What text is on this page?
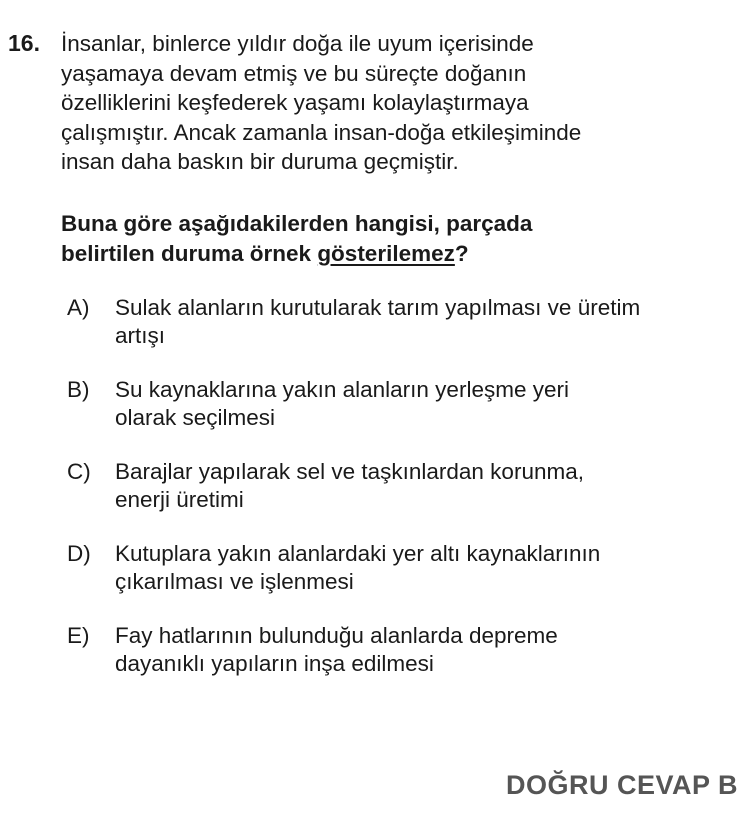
16. İnsanlar, binlerce yıldır doğa ile uyum içerisinde
yaşamaya devam etmiş ve bu süreçte doğanın
özelliklerini keşfederek yaşamı kolaylaştırmaya
çalışmıştır. Ancak zamanla insan-doğa etkileşiminde
insan daha baskın bir duruma geçmiştir.
Buna göre aşağıdakilerden hangisi, parçada
belirtilen duruma örnek gösterilemez?
A)	Sulak alanların kurutularak tarım yapılması ve üretim
artışı
B)	Su kaynaklarına yakın alanların yerleşme yeri
olarak seçilmesi
C)	Barajlar yapılarak sel ve taşkınlardan korunma,
enerji üretimi
D)	Kutuplara yakın alanlardaki yer altı kaynaklarının
çıkarılması ve işlenmesi
E)	Fay hatlarının bulunduğu alanlarda depreme
dayanıklı yapıların inşa edilmesi
DOĞRU CEVAP B
